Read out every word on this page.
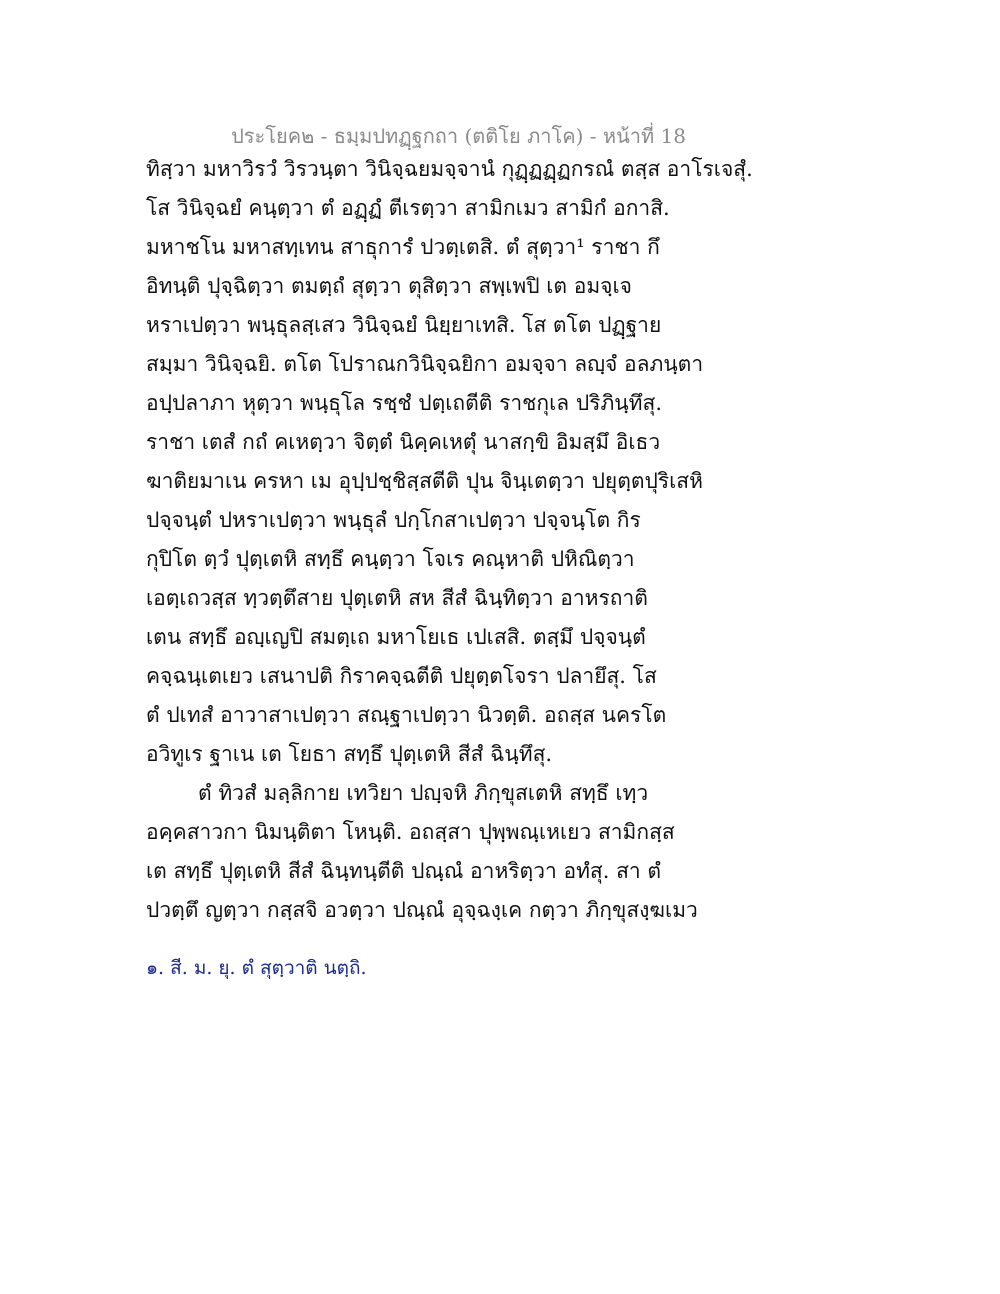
ประโยค๒ - ธมฺมปทฏฺฐกถา (ตติโย ภาโค) - หน้าที่ 18
ทิสฺวา มหาวิรวํ วิรวนฺตา วินิจฺฉยมจฺจานํ กุฏฺฏฏฺฏกรณํ ตสฺส อาโรเจสุํ.
โส วินิจฺฉยํ คนฺตฺวา ตํ อฏฺฏํ ตีเรตฺวา สามิกเมว สามิกํ อกาสิ.
มหาชโน มหาสทฺเทน สาธุการํ ปวตฺเตสิ. ตํ สุตฺวา¹ ราชา กึ
อิทนฺติ ปุจฺฉิตฺวา ตมตฺถํ สุตฺวา ตุสิตฺวา สพฺเพปิ เต อมจฺเจ
หราเปตฺวา พนฺธุลสฺเสว วินิจฺฉยํ นิยฺยาเทสิ. โส ตโต ปฏฺฐาย
สมฺมา วินิจฺฉยิ. ตโต โปราณกวินิจฺฉยิกา อมจฺจา ลญฺจํ อลภนฺตา
อปฺปลาภา หุตฺวา พนฺธุโล รชฺชํ ปตฺเถตีติ ราชกุเล ปริภินฺทึสุ.
ราชา เตสํ กถํ คเหตฺวา จิตฺตํ นิคฺคเหตุํ นาสกฺขิ อิมสฺมึ อิเธว
ฆาติยมาเน ครหา เม อุปฺปชฺชิสฺสตีติ ปุน จินฺเตตฺวา ปยุตฺตปุริเสหิ
ปจฺจนฺตํ ปหราเปตฺวา พนฺธุลํ ปกฺโกสาเปตฺวา ปจฺจนฺโต กิร
กุปิโต ตฺวํ ปุตฺเตหิ สทฺธึ คนฺตฺวา โจเร คณฺหาติ ปหิณิตฺวา
เอตฺเถวสฺส ทฺวตฺตึสาย ปุตฺเตหิ สห สีสํ ฉินฺทิตฺวา อาหรถาติ
เตน สทฺธึ อญฺเญปิ สมตฺเถ มหาโยเธ เปเสสิ. ตสฺมึ ปจฺจนฺตํ
คจฺฉนฺเตเยว เสนาปติ กิราคจฺฉตีติ ปยุตฺตโจรา ปลายึสุ. โส
ตํ ปเทสํ อาวาสาเปตฺวา สณฺฐาเปตฺวา นิวตฺติ. อถสฺส นครโต
อวิทูเร ฐาเน เต โยธา สทฺธึ ปุตฺเตหิ สีสํ ฉินฺทึสุ.
ตํ ทิวสํ มลฺลิกาย เทวิยา ปญฺจหิ ภิกฺขุสเตหิ สทฺธึ เทฺว
อคฺคสาวกา นิมนฺติตา โหนฺติ. อถสฺสา ปุพฺพณฺเหเยว สามิกสฺส
เต สทฺธึ ปุตฺเตหิ สีสํ ฉินฺทนฺตีติ ปณฺณํ อาหริตฺวา อทํสุ. สา ตํ
ปวตฺตึ ญตฺวา กสฺสจิ อวตฺวา ปณฺณํ อุจฺฉงฺเค กตฺวา ภิกฺขุสงฺฆเมว
๑. สี. ม. ยุ. ตํ สุตฺวาติ นตฺถิ.
